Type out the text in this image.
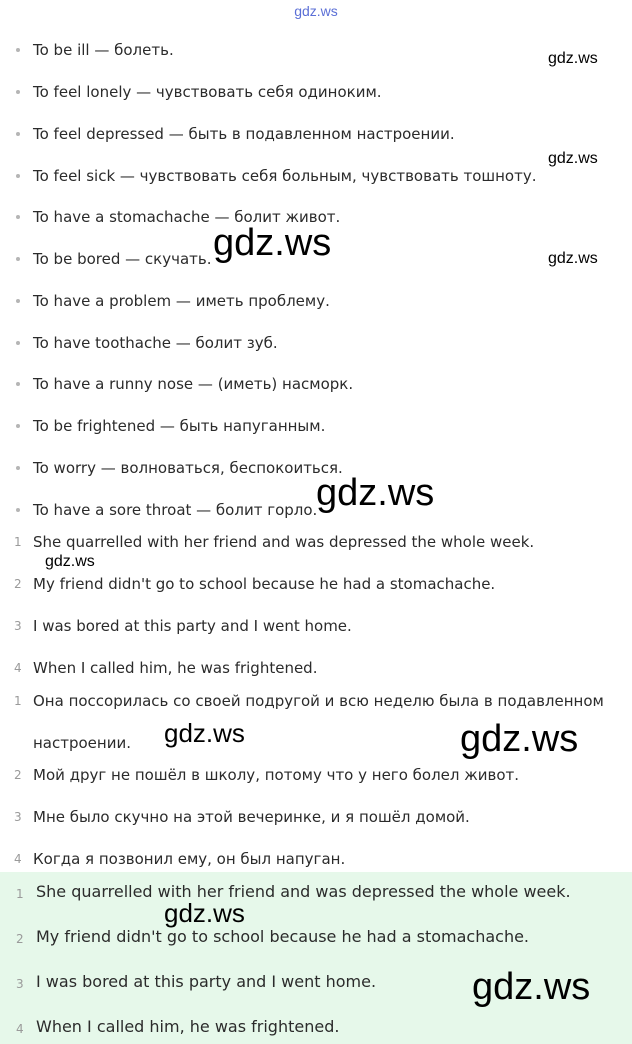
gdz.ws
To be ill — болеть.
To feel lonely — чувствовать себя одиноким.
To feel depressed — быть в подавленном настроении.
To feel sick — чувствовать себя больным, чувствовать тошноту.
To have a stomachache — болит живот.
To be bored — скучать.
To have a problem — иметь проблему.
To have toothache — болит зуб.
To have a runny nose — (иметь) насморк.
To be frightened — быть напуганным.
To worry — волноваться, беспокоиться.
To have a sore throat — болит горло.
1 She quarrelled with her friend and was depressed the whole week.
2 My friend didn't go to school because he had a stomachache.
3 I was bored at this party and I went home.
4 When I called him, he was frightened.
1 Она поссорилась со своей подругой и всю неделю была в подавленном настроении.
2 Мой друг не пошёл в школу, потому что у него болел живот.
3 Мне было скучно на этой вечеринке, и я пошёл домой.
4 Когда я позвонил ему, он был напуган.
1 She quarrelled with her friend and was depressed the whole week.
2 My friend didn't go to school because he had a stomachache.
3 I was bored at this party and I went home.
4 When I called him, he was frightened.
gdz.ws
gdz.ws
gdz.ws
gdz.ws
gdz.ws
gdz.ws
gdz.ws	gdz.ws
gdz.ws
gdz.ws
